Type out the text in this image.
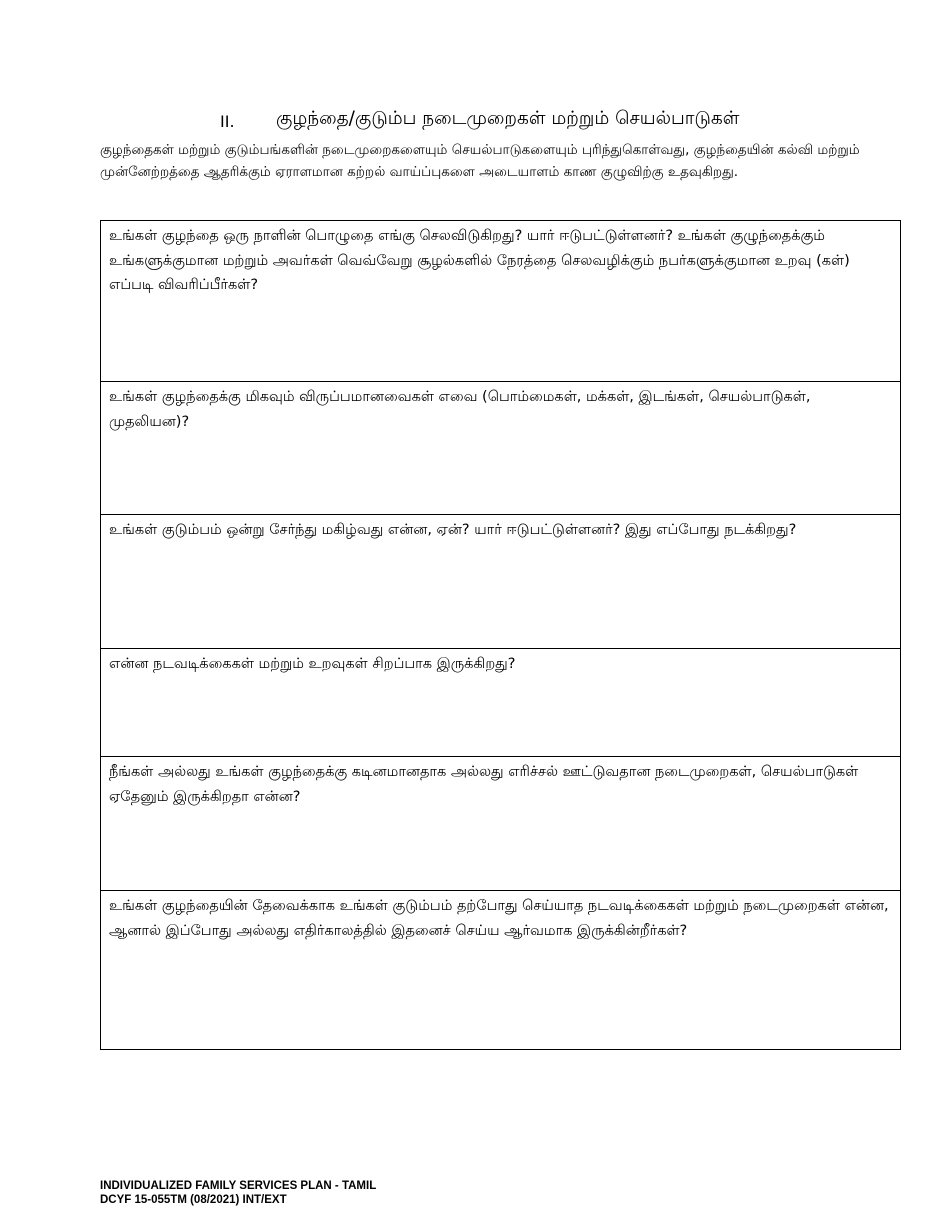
II. குழந்தை/குடும்ப நடைமுறைகள் மற்றும் செயல்பாடுகள்

குழந்தைகள் மற்றும் குடும்பங்களின் நடைமுறைகளையும் செயல்பாடுகளையும் புரிந்துகொள்வது, குழந்தையின் கல்வி மற்றும் முன்னேற்றத்தை ஆதரிக்கும் ஏராளமான கற்றல் வாய்ப்புகளை அடையாளம் காண குழுவிற்கு உதவுகிறது.

உங்கள் குழந்தை ஒரு நாளின் பொழுதை எங்கு செலவிடுகிறது? யார் ஈடுபட்டுள்ளனர்? உங்கள் குழுந்தைக்கும் உங்களுக்குமான மற்றும் அவர்கள் வெவ்வேறு சூழல்களில் நேரத்தை செலவழிக்கும் நபர்களுக்குமான உறவு (கள்) எப்படி விவரிப்பீர்கள்?
உங்கள் குழந்தைக்கு மிகவும் விருப்பமானவைகள் எவை (பொம்மைகள், மக்கள், இடங்கள், செயல்பாடுகள், முதலியன)?
உங்கள் குடும்பம் ஒன்று சேர்ந்து மகிழ்வது என்ன, ஏன்? யார் ஈடுபட்டுள்ளனர்? இது எப்போது நடக்கிறது?
என்ன நடவடிக்கைகள் மற்றும் உறவுகள் சிறப்பாக இருக்கிறது?
நீங்கள் அல்லது உங்கள் குழந்தைக்கு கடினமானதாக அல்லது எரிச்சல் ஊட்டுவதான நடைமுறைகள், செயல்பாடுகள் ஏதேனும் இருக்கிறதா என்ன?
உங்கள் குழந்தையின் தேவைக்காக உங்கள் குடும்பம் தற்போது செய்யாத நடவடிக்கைகள் மற்றும் நடைமுறைகள் என்ன, ஆனால் இப்போது அல்லது எதிர்காலத்தில் இதனைச் செய்ய ஆர்வமாக இருக்கின்றீர்கள்?
INDIVIDUALIZED FAMILY SERVICES PLAN - TAMIL
DCYF 15-055TM (08/2021) INT/EXT
